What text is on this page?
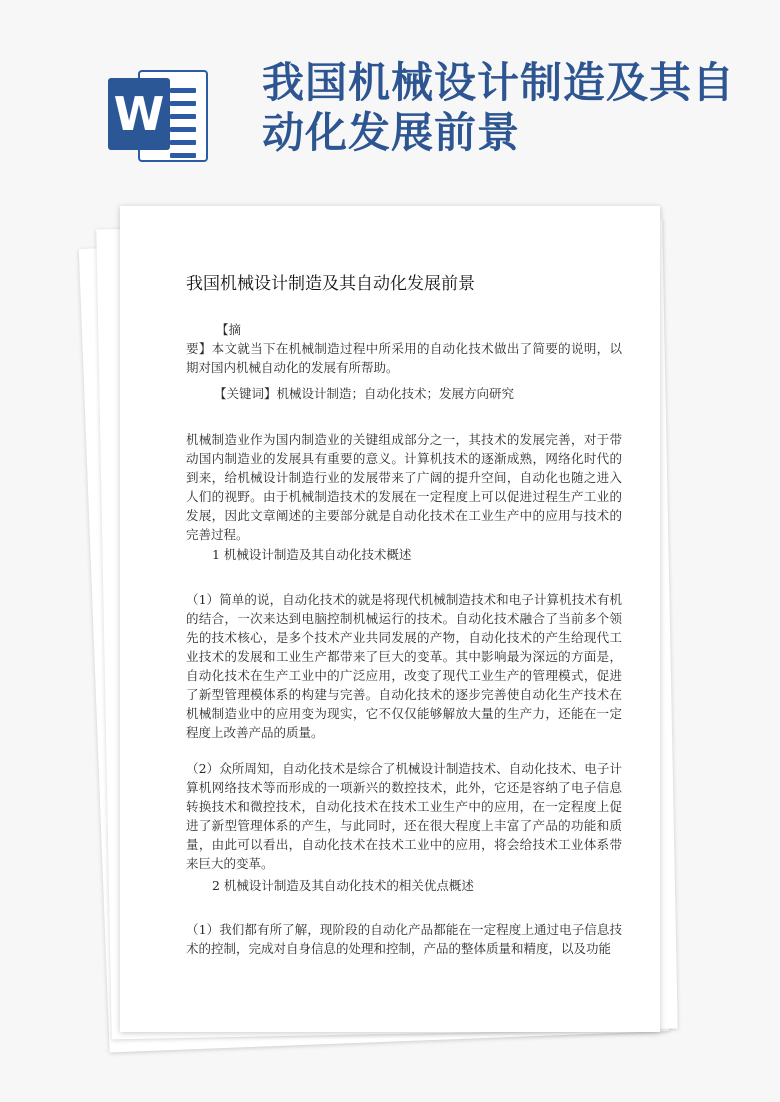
W
我国机械设计制造及其自动化发展前景
我国机械设计制造及其自动化发展前景

【摘

要】本文就当下在机械制造过程中所采用的自动化技术做出了简要的说明，以期对国内机械自动化的发展有所帮助。

【关键词】机械设计制造；自动化技术；发展方向研究

机械制造业作为国内制造业的关键组成部分之一，其技术的发展完善，对于带动国内制造业的发展具有重要的意义。计算机技术的逐渐成熟，网络化时代的到来，给机械设计制造行业的发展带来了广阔的提升空间，自动化也随之进入人们的视野。由于机械制造技术的发展在一定程度上可以促进过程生产工业的发展，因此文章阐述的主要部分就是自动化技术在工业生产中的应用与技术的完善过程。

1 机械设计制造及其自动化技术概述

（1）简单的说，自动化技术的就是将现代机械制造技术和电子计算机技术有机的结合，一次来达到电脑控制机械运行的技术。自动化技术融合了当前多个领先的技术核心，是多个技术产业共同发展的产物，自动化技术的产生给现代工业技术的发展和工业生产都带来了巨大的变革。其中影响最为深远的方面是，自动化技术在生产工业中的广泛应用，改变了现代工业生产的管理模式，促进了新型管理模体系的构建与完善。自动化技术的逐步完善使自动化生产技术在机械制造业中的应用变为现实，它不仅仅能够解放大量的生产力，还能在一定程度上改善产品的质量。

（2）众所周知，自动化技术是综合了机械设计制造技术、自动化技术、电子计算机网络技术等而形成的一项新兴的数控技术，此外，它还是容纳了电子信息转换技术和微控技术，自动化技术在技术工业生产中的应用，在一定程度上促进了新型管理体系的产生，与此同时，还在很大程度上丰富了产品的功能和质量，由此可以看出，自动化技术在技术工业中的应用，将会给技术工业体系带来巨大的变革。

2 机械设计制造及其自动化技术的相关优点概述

（1）我们都有所了解，现阶段的自动化产品都能在一定程度上通过电子信息技术的控制，完成对自身信息的处理和控制，产品的整体质量和精度，以及功能
